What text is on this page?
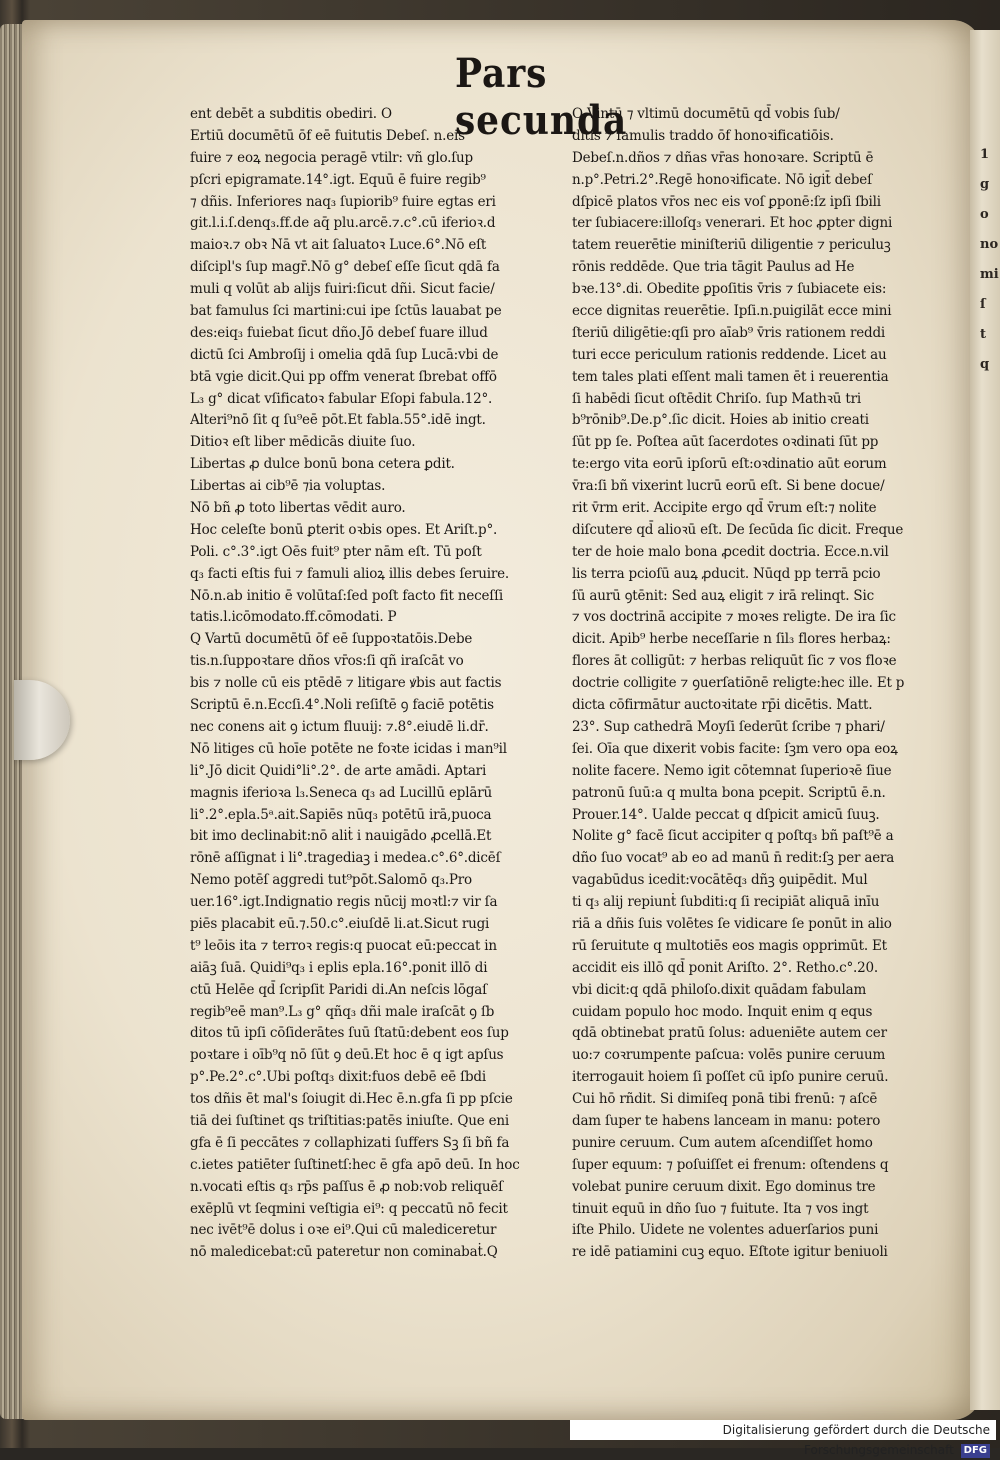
1
g
o
no
mi
ſ
t
q
Pars secunda
ent debēt a subditis obediri. O
Ertiū documētū ōf eē fuitutis Debeſ. n.eis
fuire ⁊ eoꝝ negocia peragē vtilr: vñ glo.ſup
pſcri epigramate.14°.igt. Equū ē fuire regib⁹
⁊ dñis. Inferiores naq₃ ſupiorib⁹ fuire egtas eri
git.l.i.ſ.denq₃.ff.de aq̄ plu.arcē.⁊.c°.cū iferioꝛ.d
maioꝛ.⁊ obꝛ Nā vt ait ſaluatoꝛ Luce.6°.Nō eſt
diſcipl's ſup magr̄.Nō g° debeſ eſſe ſicut qdā fa
muli q volūt ab alijs fuiri:ſicut dñi. Sicut facie/
bat famulus ſci martini:cui ipe ſctūs lauabat pe
des:eiq₃ fuiebat ſicut dño.Jō debeſ fuare illud
dictū ſci Ambroſij i omelia qdā ſup Lucā:vbi de
btā vgie dicit.Qui pp offm venerat ſbrebat offō
L₃ g° dicat vſificatoꝛ fabular Eſopi fabula.12°.
Alteri⁹nō ſit q ſu⁹eē pōt.Et fabla.55°.idē ingt.
Ditioꝛ eſt liber mēdicās diuite ſuo.
Libertas ꝓ dulce bonū bona cetera ꝑdit.
Libertas ai cib⁹ē ⁊ia voluptas.
Nō bñ ꝓ toto libertas vēdit auro.
Hoc celeſte bonū ꝑterit oꝛbis opes. Et Ariſt.p°.
Poli. c°.3°.igt Oēs fuit⁹ pter nām eſt. Tū poſt
q₃ facti eſtis fui ⁊ famuli alioꝝ illis debes ſeruire.
Nō.n.ab initio ē volūtaſ:ſed poſt facto fit neceſſi
tatis.l.icōmodato.ff.cōmodati. P
Q Vartū documētū ōf eē ſuppoꝛtatōis.Debe
tis.n.ſuppoꝛtare dños vr̄os:ſi qñ iraſcāt vo
bis ⁊ nolle cū eis ptēdē ⁊ litigare ꝟbis aut factis
Scriptū ē.n.Eccſi.4°.Noli reſiſtē ꝯ faciē potētis
nec conens ait ꝯ ictum fluuij: ⁊.8°.eiudē li.dr̄.
Nō litiges cū hoīe potēte ne foꝛte icidas i man⁹il
li°.Jō dicit Quidi°li°.2°. de arte amādi. Aptari
magnis iferioꝛa l₃.Seneca q₃ ad Lucillū eplārū
li°.2°.epla.5ᵃ.ait.Sapiēs nūq₃ potētū irā,puoca
bit imo declinabit:nō aliṫ i nauigādo ꝓcellā.Et
rōnē aſſignat i li°.tragediaꝫ i medea.c°.6°.dicēſ
Nemo potēſ aggredi tut⁹pōt.Salomō q₃.Pro
uer.16°.igt.Indignatio regis nūcij moꝛtl:⁊ vir ſa
piēs placabit eū.⁊.50.c°.eiuſdē li.at.Sicut rugi
t⁹ leōis ita ⁊ terroꝛ regis:q puocat eū:peccat in
aiāꝫ ſuā. Quidi⁹q₃ i eplis epla.16°.ponit illō di
ctū Helēe qd̄ ſcripſit Paridi di.An neſcis lōgaſ
regib⁹eē man⁹.L₃ g° qñq₃ dñi male iraſcāt ꝯ ſb
ditos tū ipſi cōſiderātes ſuū ſtatū:debent eos ſup
poꝛtare i oīb⁹q nō ſūt ꝯ deū.Et hoc ē q igt apſus
p°.Pe.2°.c°.Ubi poſtq₃ dixit:fuos debē eē ſbdi
tos dñis ēt mal's ſoiugit di.Hec ē.n.gfa ſi pp pſcie
tiā dei ſuſtinet qs triſtitias:patēs iniuſte. Que eni
gfa ē ſi peccātes ⁊ collaphizati ſuffers Sꝫ ſi bñ fa
c.ietes patiēter ſuſtinetſ:hec ē gfa apō deū. In hoc
n.vocati eſtis q₃ rp̄s paſſus ē ꝓ nob:vob reliquēſ
exēplū vt ſeqmini veſtigia ei⁹: q peccatū nō fecit
nec ivēt⁹ē dolus i oꝛe ei⁹.Qui cū malediceretur
nō maledicebat:cū pateretur non cominabaṫ.Q
O Vintū ⁊ vltimū documētū qd̄ vobis ſub/
ditis ⁊ famulis traddo ōf honoꝛificatiōis.
Debeſ.n.dños ⁊ dñas vr̄as honoꝛare. Scriptū ē
n.p°.Petri.2°.Regē honoꝛificate. Nō igit̄ debeſ
dſpicē platos vr̄os nec eis voſ ꝑponē:ſz ipſi ſbili
ter ſubiacere:illoſq₃ venerari. Et hoc ꝓpter digni
tatem reuerētie miniſteriū diligentie ⁊ periculuꝫ
rōnis reddēde. Que tria tāgit Paulus ad He
bꝛe.13°.di. Obedite ꝑpoſitis v̄ris ⁊ ſubiacete eis:
ecce dignitas reuerētie. Ipſi.n.puigilāt ecce mini
ſteriū diligētie:qſi pro aīab⁹ v̄ris rationem reddi
turi ecce periculum rationis reddende. Licet au
tem tales plati eſſent mali tamen ēt i reuerentia
ſi habēdi ſicut oſtēdit Chriſo. ſup Mathꝛū tri
b⁹rōnib⁹.De.p°.ſic dicit. Hoies ab initio creati
ſūt pp ſe. Poſtea aūt ſacerdotes oꝛdinati ſūt pp
te:ergo vita eorū ipſorū eſt:oꝛdinatio aūt eorum
v̄ra:ſi bñ vixerint lucrū eorū eſt. Si bene docue/
rit v̄rm erit. Accipite ergo qd̄ v̄rum eſt:⁊ nolite
diſcutere qd̄ alioꝛū eſt. De ſecūda ſic dicit. Freque
ter de hoie malo bona ꝓcedit doctria. Ecce.n.vil
lis terra pcioſū auꝝ ꝓducit. Nūqd pp terrā pcio
ſū aurū ꝯtēnit: Sed auꝝ eligit ⁊ irā relinqt. Sic
⁊ vos doctrinā accipite ⁊ moꝛes religte. De ira ſic
dicit. Apib⁹ herbe neceſſarie n ſil₃ flores herbaꝝ:
flores āt colligūt: ⁊ herbas reliquūt ſic ⁊ vos floꝛe
doctrie colligite ⁊ ꝯuerſatiōnē religte:hec ille. Et p
dicta cōfirmātur auctoꝛitate rp̄i dicētis. Matt.
23°. Sup cathedrā Moyſi ſederūt ſcribe ⁊ phari/
ſei. Oīa que dixerit vobis facite: ſꝫm vero opa eoꝝ
nolite facere. Nemo igit cōtemnat ſuperioꝛē ſiue
patronū ſuū:a q multa bona pcepit. Scriptū ē.n.
Prouer.14°. Ualde peccat q dſpicit amicū ſuuꝫ.
Nolite g° facē ſicut accipiter q poſtq₃ bñ paſt⁹ē a
dño ſuo vocat⁹ ab eo ad manū n̄ redit:ſꝫ per aera
vagabūdus icedit:vocātēq₃ dñꝫ ꝯuipēdit. Mul
ti q₃ alij repiunṫ ſubditi:q ſi recipiāt aliquā inīu
riā a dñis ſuis volētes ſe vidicare ſe ponūt in alio
rū ſeruitute q multotiēs eos magis opprimūt. Et
accidit eis illō qd̄ ponit Ariſto. 2°. Retho.c°.20.
vbi dicit:q qdā philoſo.dixit quādam fabulam
cuidam populo hoc modo. Inquit enim q equs
qdā obtinebat pratū ſolus: adueniēte autem cer
uo:⁊ coꝛrumpente paſcua: volēs punire ceruum
iterrogauit hoiem ſi poſſet cū ipſo punire ceruū.
Cui hō rñdit. Si dimiſeq ponā tibi frenū: ⁊ aſcē
dam ſuper te habens lanceam in manu: potero
punire ceruum. Cum autem aſcendiſſet homo
ſuper equum: ⁊ poſuiſſet ei frenum: oſtendens q
volebat punire ceruum dixit. Ego dominus tre
tinuit equū in dño ſuo ⁊ fuitute. Ita ⁊ vos ingt
iſte Philo. Uidete ne volentes aduerſarios puni
re idē patiamini cuꝫ equo. Eſtote igitur beniuoli
Digitalisierung gefördert durch die Deutsche Forschungsgemeinschaft DFG
